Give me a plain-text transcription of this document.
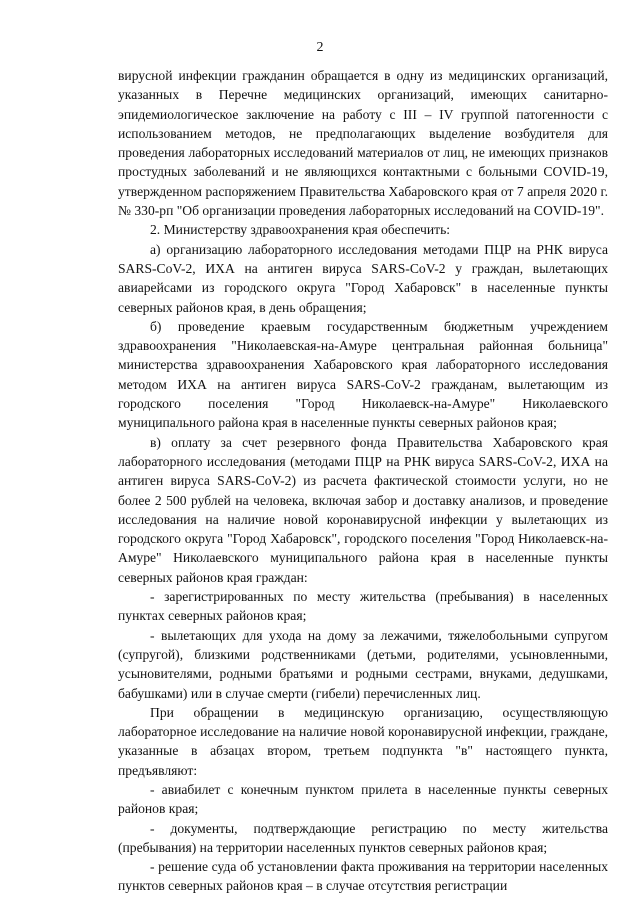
2

вирусной инфекции гражданин обращается в одну из медицинских организаций, указанных в Перечне медицинских организаций, имеющих санитарно-эпидемиологическое заключение на работу с III – IV группой патогенности с использованием методов, не предполагающих выделение возбудителя для проведения лабораторных исследований материалов от лиц, не имеющих признаков простудных заболеваний и не являющихся контактными с больными COVID-19, утвержденном распоряжением Правительства Хабаровского края от 7 апреля 2020 г. № 330-рп "Об организации проведения лабораторных исследований на COVID-19".

2. Министерству здравоохранения края обеспечить:

а) организацию лабораторного исследования методами ПЦР на РНК вируса SARS-CoV-2, ИХА на антиген вируса SARS-CoV-2 у граждан, вылетающих авиарейсами из городского округа "Город Хабаровск" в населенные пункты северных районов края, в день обращения;

б) проведение краевым государственным бюджетным учреждением здравоохранения "Николаевская-на-Амуре центральная районная больница" министерства здравоохранения Хабаровского края лабораторного исследования методом ИХА на антиген вируса SARS-CoV-2 гражданам, вылетающим из городского поселения "Город Николаевск-на-Амуре" Николаевского муниципального района края в населенные пункты северных районов края;

в) оплату за счет резервного фонда Правительства Хабаровского края лабораторного исследования (методами ПЦР на РНК вируса SARS-CoV-2, ИХА на антиген вируса SARS-CoV-2) из расчета фактической стоимости услуги, но не более 2 500 рублей на человека, включая забор и доставку анализов, и проведение исследования на наличие новой коронавирусной инфекции у вылетающих из городского округа "Город Хабаровск", городского поселения "Город Николаевск-на-Амуре" Николаевского муниципального района края в населенные пункты северных районов края граждан:

- зарегистрированных по месту жительства (пребывания) в населенных пунктах северных районов края;

- вылетающих для ухода на дому за лежачими, тяжелобольными супругом (супругой), близкими родственниками (детьми, родителями, усыновленными, усыновителями, родными братьями и родными сестрами, внуками, дедушками, бабушками) или в случае смерти (гибели) перечисленных лиц.

При обращении в медицинскую организацию, осуществляющую лабораторное исследование на наличие новой коронавирусной инфекции, граждане, указанные в абзацах втором, третьем подпункта "в" настоящего пункта, предъявляют:

- авиабилет с конечным пунктом прилета в населенные пункты северных районов края;

- документы, подтверждающие регистрацию по месту жительства (пребывания) на территории населенных пунктов северных районов края;

- решение суда об установлении факта проживания на территории населенных пунктов северных районов края – в случае отсутствия регистрации
